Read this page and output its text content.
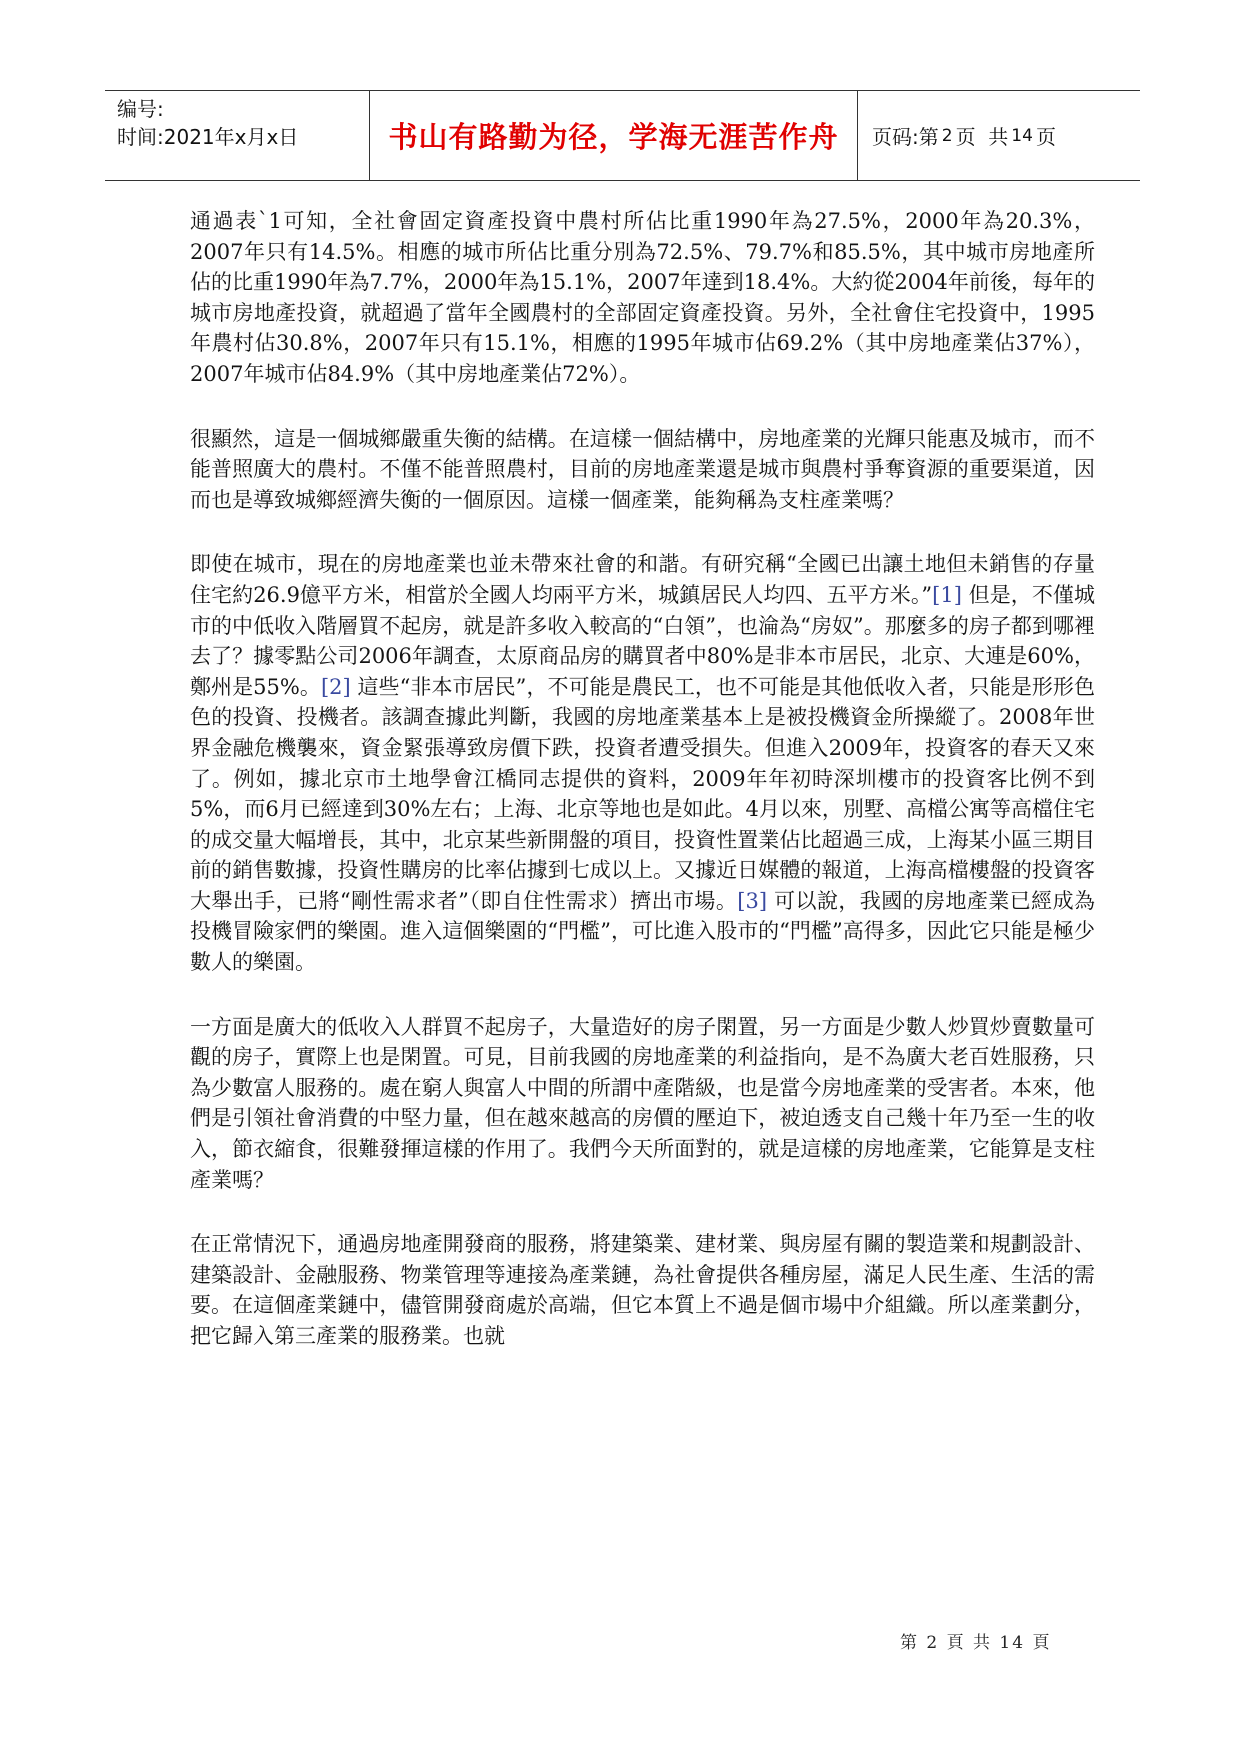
编号:
时间:2021年x月x日	书山有路勤为径，学海无涯苦作舟 页码: 第 2 页  共 14 页

通過表`1可知，全社會固定資產投資中農村所佔比重1990年為27.5%，2000年為20.3%，2007年只有14.5%。相應的城市所佔比重分別為72.5%、79.7%和85.5%，其中城市房地產所佔的比重1990年為7.7%，2000年為15.1%，2007年達到18.4%。大約從2004年前後，每年的城市房地產投資，就超過了當年全國農村的全部固定資產投資。另外，全社會住宅投資中，1995年農村佔30.8%，2007年只有15.1%，相應的1995年城市佔69.2%（其中房地產業佔37%），2007年城市佔84.9%（其中房地產業佔72%）。

很顯然，這是一個城鄉嚴重失衡的結構。在這樣一個結構中，房地產業的光輝只能惠及城市，而不能普照廣大的農村。不僅不能普照農村，目前的房地產業還是城市與農村爭奪資源的重要渠道，因而也是導致城鄉經濟失衡的一個原因。這樣一個產業，能夠稱為支柱產業嗎？

即使在城市，現在的房地產業也並未帶來社會的和諧。有研究稱“全國已出讓土地但未銷售的存量住宅約26.9億平方米，相當於全國人均兩平方米，城鎮居民人均四、五平方米。”[1] 但是，不僅城市的中低收入階層買不起房，就是許多收入較高的“白領”，也淪為“房奴”。那麼多的房子都到哪裡去了？據零點公司2006年調查，太原商品房的購買者中80%是非本市居民，北京、大連是60%，鄭州是55%。[2] 這些“非本市居民”，不可能是農民工，也不可能是其他低收入者，只能是形形色色的投資、投機者。該調查據此判斷，我國的房地產業基本上是被投機資金所操縱了。2008年世界金融危機襲來，資金緊張導致房價下跌，投資者遭受損失。但進入2009年，投資客的春天又來了。例如，據北京市土地學會江橋同志提供的資料，2009年年初時深圳樓市的投資客比例不到5%，而6月已經達到30%左右；上海、北京等地也是如此。4月以來，別墅、高檔公寓等高檔住宅的成交量大幅增長，其中，北京某些新開盤的項目，投資性置業佔比超過三成，上海某小區三期目前的銷售數據，投資性購房的比率佔據到七成以上。又據近日媒體的報道，上海高檔樓盤的投資客大舉出手，已將“剛性需求者”（即自住性需求）擠出市場。[3] 可以說，我國的房地產業已經成為投機冒險家們的樂園。進入這個樂園的“門檻”，可比進入股市的“門檻”高得多，因此它只能是極少數人的樂園。

一方面是廣大的低收入人群買不起房子，大量造好的房子閑置，另一方面是少數人炒買炒賣數量可觀的房子，實際上也是閑置。可見，目前我國的房地產業的利益指向，是不為廣大老百姓服務，只為少數富人服務的。處在窮人與富人中間的所謂中產階級，也是當今房地產業的受害者。本來，他們是引領社會消費的中堅力量，但在越來越高的房價的壓迫下，被迫透支自己幾十年乃至一生的收入，節衣縮食，很難發揮這樣的作用了。我們今天所面對的，就是這樣的房地產業，它能算是支柱產業嗎？

在正常情況下，通過房地產開發商的服務，將建築業、建材業、與房屋有關的製造業和規劃設計、建築設計、金融服務、物業管理等連接為產業鏈，為社會提供各種房屋，滿足人民生產、生活的需要。在這個產業鏈中，儘管開發商處於高端，但它本質上不過是個市場中介組織。所以產業劃分，把它歸入第三產業的服務業。也就

第 2 頁 共 14 頁
